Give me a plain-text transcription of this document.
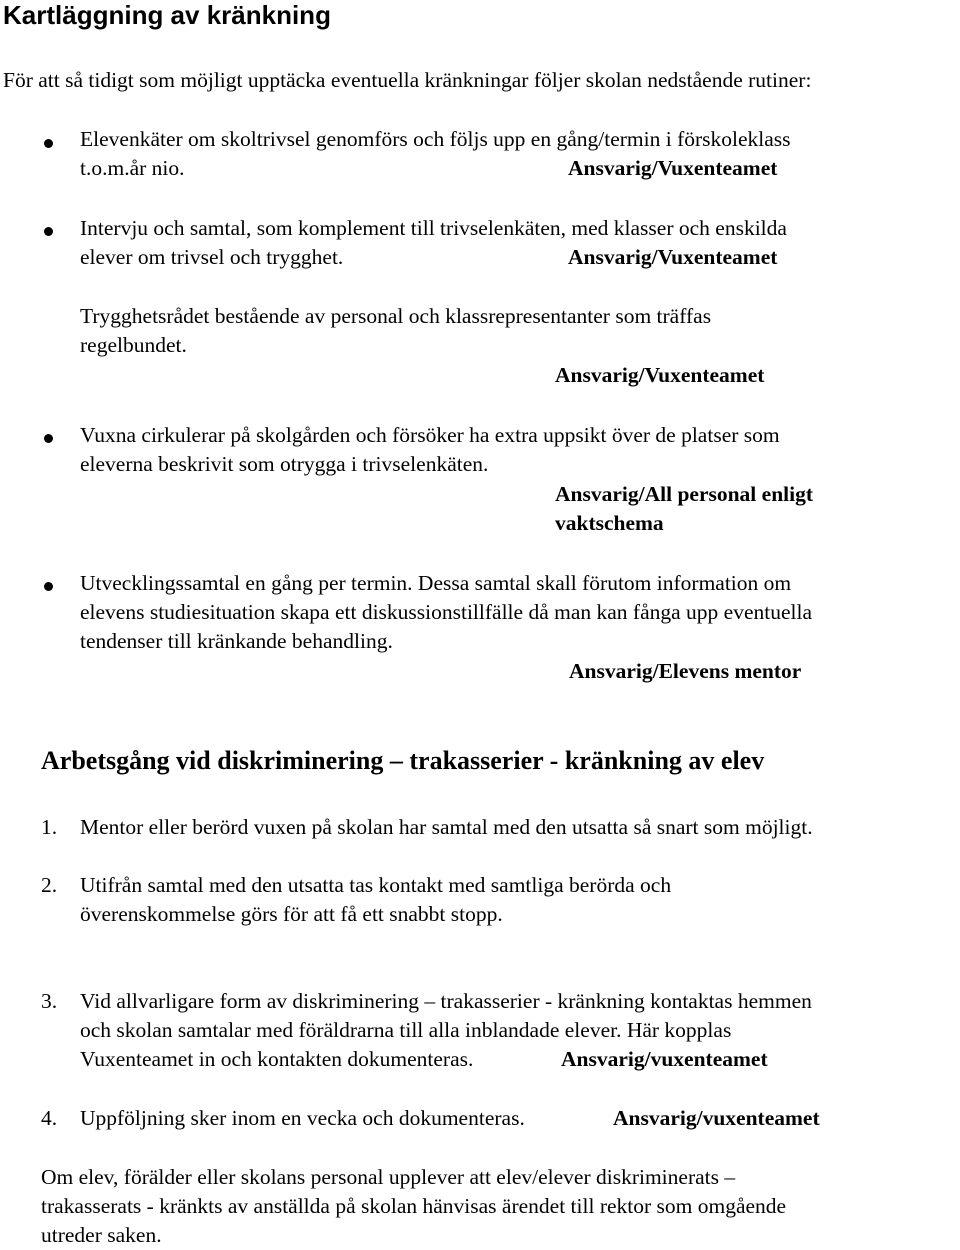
Kartläggning av kränkning
För att så tidigt som möjligt upptäcka eventuella kränkningar följer skolan nedstående rutiner:
Elevenkäter om skoltrivsel genomförs och följs upp en gång/termin i förskoleklass
t.o.m.år nio.	Ansvarig/Vuxenteamet
Intervju och samtal, som komplement till trivselenkäten, med klasser och enskilda
elever om trivsel och trygghet.	Ansvarig/Vuxenteamet
Trygghetsrådet bestående av personal och klassrepresentanter som träffas
regelbundet.
Ansvarig/Vuxenteamet
Vuxna cirkulerar på skolgården och försöker ha extra uppsikt över de platser som
eleverna beskrivit som otrygga i trivselenkäten.
Ansvarig/All personal enligt
vaktschema
Utvecklingssamtal en gång per termin. Dessa samtal skall förutom information om
elevens studiesituation skapa ett diskussionstillfälle då man kan fånga upp eventuella
tendenser till kränkande behandling.
Ansvarig/Elevens mentor
Arbetsgång vid diskriminering – trakasserier - kränkning av elev
1. Mentor eller berörd vuxen på skolan har samtal med den utsatta så snart som möjligt.
2. Utifrån samtal med den utsatta tas kontakt med samtliga berörda och
överenskommelse görs för att få ett snabbt stopp.
3. Vid allvarligare form av diskriminering – trakasserier - kränkning kontaktas hemmen
och skolan samtalar med föräldrarna till alla inblandade elever. Här kopplas
Vuxenteamet in och kontakten dokumenteras.	Ansvarig/vuxenteamet
4. Uppföljning sker inom en vecka och dokumenteras.	Ansvarig/vuxenteamet
Om elev, förälder eller skolans personal upplever att elev/elever diskriminerats –
trakasserats - kränkts av anställda på skolan hänvisas ärendet till rektor som omgående
utreder saken.
